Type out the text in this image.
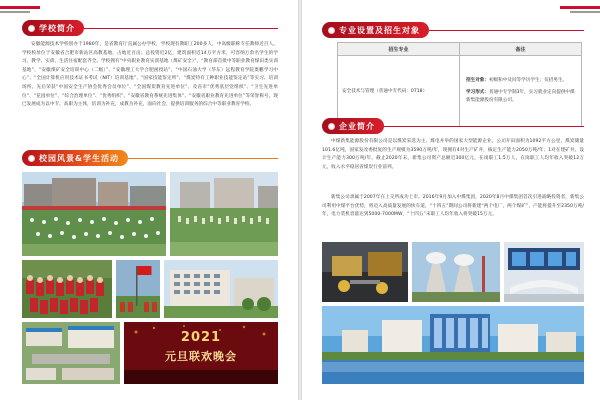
学校简介
安徽能源技术学校创办于1980年，是省教育厅直属公办学校，学校现有教职工200多人，中高级职称专任教师近百人。学校校址位于安徽省合肥市新站区高教基地，占地近百亩；总投资近2亿，建筑面积近14万平方米，可容纳万余名学生的学习、教学、实训、生活住宿配套齐全。学校拥有“中央职业教育实训基地（煤矿安全）”、“教育部首批中等职业教育煤田类实训基地”、“安徽煤矿安全培训中心（二级）”、“安徽理工大学合肥函授站”、“中国石油大学（华东）远程教育学院奥鹏学习中心”、“全国计算机应用技术证书考试（NIT）培训基地”、“国家技能鉴定所”、“煤炭特有工种职业技能鉴定站”等实习、培训场所。先后荣获“中国安全生产协会优秀会员单位”、“全国煤炭教育先进单位”、及省市“优秀基层党组织”、“卫生先进单位”、“花园单位”、“综合治理单位”、“优秀组织”、“安徽省教育系统先进集体”、“安徽省职业教育先进单位”等荣誉称号。现已发展成为以中专、高职为主体，培训为补充，成教为补充，面向社会，提供培训服务的综合中等职业教育学校。
校园风景&学生活动
2021
元旦联欢晚会
专业设置及招生对象
招生专业	备注
安全技术与管理（普通中专代码：0718）	招生对象：初级和中及同等学历学生；仅招男生。
学习形式：普通中专学制3年，实习就业定向提供中煤新集能源股份有限公司。
企业简介
中煤新集能源股份有限公司是以煤炭采选为主、煤电并举的国家大型能源企业。公司开田面积为1092平方公里，煤炭储量101.6亿吨，国家发改委批复的生产规模为3590万吨/年，现拥有4对生产矿井，核定生产能力2050万吨/年；1对在建矿井，设计生产能力300万吨/年。截止2020年末，新集公司资产总额近300亿元，在岗职工1.5万人，在岗职工人均年收入突破12万元，收入水平稳居省煤炭行业前列。
新集公司隶属于2007年在上交所成功上市。2016年9月加入中煤集团，2020年8月中煤集团首次引进战略投资者，新集公司利用中煤平台优势，将迈入高质量发展的快车道，“十四五”期间公司将新建“两个电厂，两个煤矿”，产能将提升至2350万吨/年，电力装机容量达到5000-7000MW，“十四五”末职工人均年收入将突破15万元。
